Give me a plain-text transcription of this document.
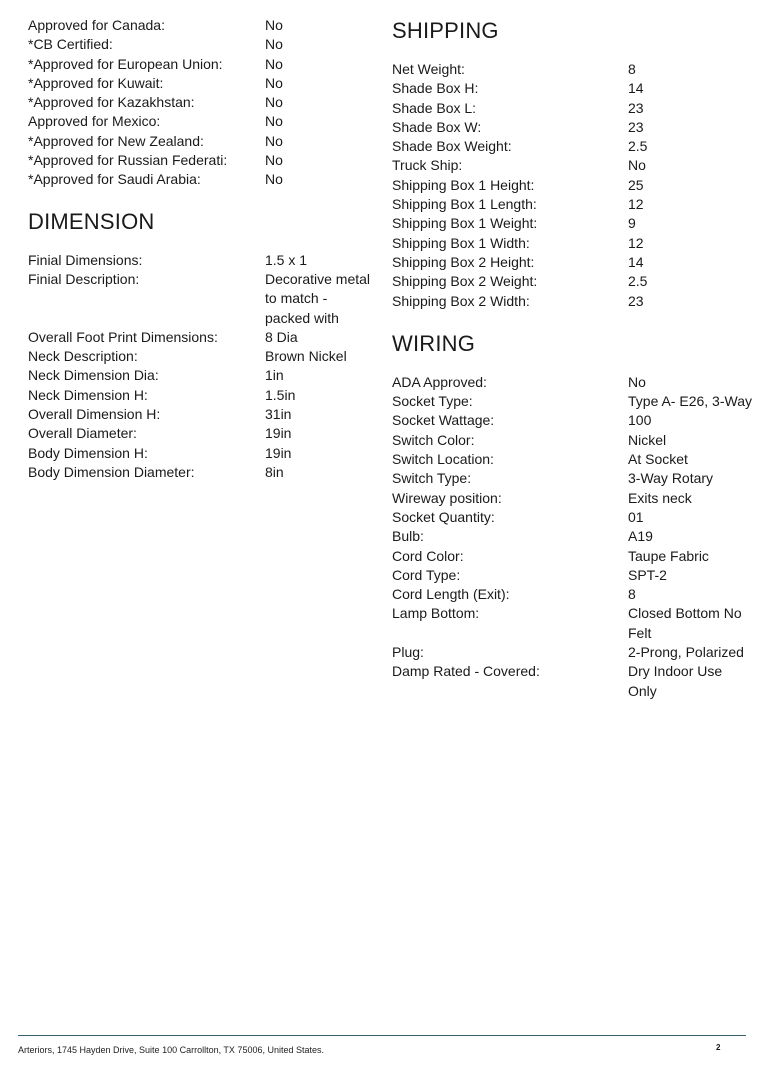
Approved for Canada:	No
*CB Certified:	No
*Approved for European Union:	No
*Approved for Kuwait:	No
*Approved for Kazakhstan:	No
Approved for Mexico:	No
*Approved for New Zealand:	No
*Approved for Russian Federati:	No
*Approved for Saudi Arabia:	No
DIMENSION
Finial Dimensions:	1.5 x 1
Finial Description:	Decorative metal to match - packed with
Overall Foot Print Dimensions:	8 Dia
Neck Description:	Brown Nickel
Neck Dimension Dia:	1in
Neck Dimension H:	1.5in
Overall Dimension H:	31in
Overall Diameter:	19in
Body Dimension H:	19in
Body Dimension Diameter:	8in
SHIPPING
Net Weight:	8
Shade Box H:	14
Shade Box L:	23
Shade Box W:	23
Shade Box Weight:	2.5
Truck Ship:	No
Shipping Box 1 Height:	25
Shipping Box 1 Length:	12
Shipping Box 1 Weight:	9
Shipping Box 1 Width:	12
Shipping Box 2 Height:	14
Shipping Box 2 Weight:	2.5
Shipping Box 2 Width:	23
WIRING
ADA Approved:	No
Socket Type:	Type A- E26, 3-Way
Socket Wattage:	100
Switch Color:	Nickel
Switch Location:	At Socket
Switch Type:	3-Way Rotary
Wireway position:	Exits neck
Socket Quantity:	01
Bulb:	A19
Cord Color:	Taupe Fabric
Cord Type:	SPT-2
Cord Length (Exit):	8
Lamp Bottom:	Closed Bottom No Felt
Plug:	2-Prong, Polarized
Damp Rated - Covered:	Dry Indoor Use Only
Arteriors, 1745 Hayden Drive, Suite 100 Carrollton, TX 75006, United States.	2
